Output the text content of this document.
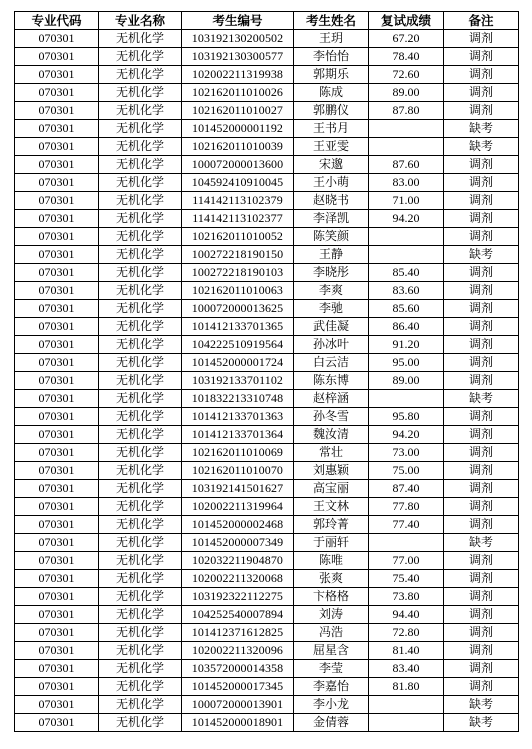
专业代码	专业名称	考生编号	考生姓名	复试成绩	备注
070301	无机化学	103192130200502	王玥	67.20	调剂
070301	无机化学	103192130300577	李怡怡	78.40	调剂
070301	无机化学	102002211319938	郭期乐	72.60	调剂
070301	无机化学	102162011010026	陈成	89.00	调剂
070301	无机化学	102162011010027	郭鹏仪	87.80	调剂
070301	无机化学	101452000001192	王书月		缺考
070301	无机化学	102162011010039	王亚雯		缺考
070301	无机化学	100072000013600	宋邈	87.60	调剂
070301	无机化学	104592410910045	王小萌	83.00	调剂
070301	无机化学	114142113102379	赵晓书	71.00	调剂
070301	无机化学	114142113102377	李泽凯	94.20	调剂
070301	无机化学	102162011010052	陈笑颜		调剂
070301	无机化学	100272218190150	王静		缺考
070301	无机化学	100272218190103	李晓彤	85.40	调剂
070301	无机化学	102162011010063	李爽	83.60	调剂
070301	无机化学	100072000013625	李驰	85.60	调剂
070301	无机化学	101412133701365	武佳凝	86.40	调剂
070301	无机化学	104222510919564	孙冰叶	91.20	调剂
070301	无机化学	101452000001724	白云洁	95.00	调剂
070301	无机化学	103192133701102	陈东博	89.00	调剂
070301	无机化学	101832213310748	赵梓涵		缺考
070301	无机化学	101412133701363	孙冬雪	95.80	调剂
070301	无机化学	101412133701364	魏汝清	94.20	调剂
070301	无机化学	102162011010069	常壮	73.00	调剂
070301	无机化学	102162011010070	刘惠颖	75.00	调剂
070301	无机化学	103192141501627	高宝丽	87.40	调剂
070301	无机化学	102002211319964	王文林	77.80	调剂
070301	无机化学	101452000002468	郭玲菁	77.40	调剂
070301	无机化学	101452000007349	于丽轩		缺考
070301	无机化学	102032211904870	陈唯	77.00	调剂
070301	无机化学	102002211320068	张爽	75.40	调剂
070301	无机化学	103192322112275	卞格格	73.80	调剂
070301	无机化学	104252540007894	刘涛	94.40	调剂
070301	无机化学	101412371612825	冯浩	72.80	调剂
070301	无机化学	102002211320096	屈星含	81.40	调剂
070301	无机化学	103572000014358	李莹	83.40	调剂
070301	无机化学	101452000017345	李嘉怡	81.80	调剂
070301	无机化学	100072000013901	李小龙		缺考
070301	无机化学	101452000018901	金倩蓉		缺考
